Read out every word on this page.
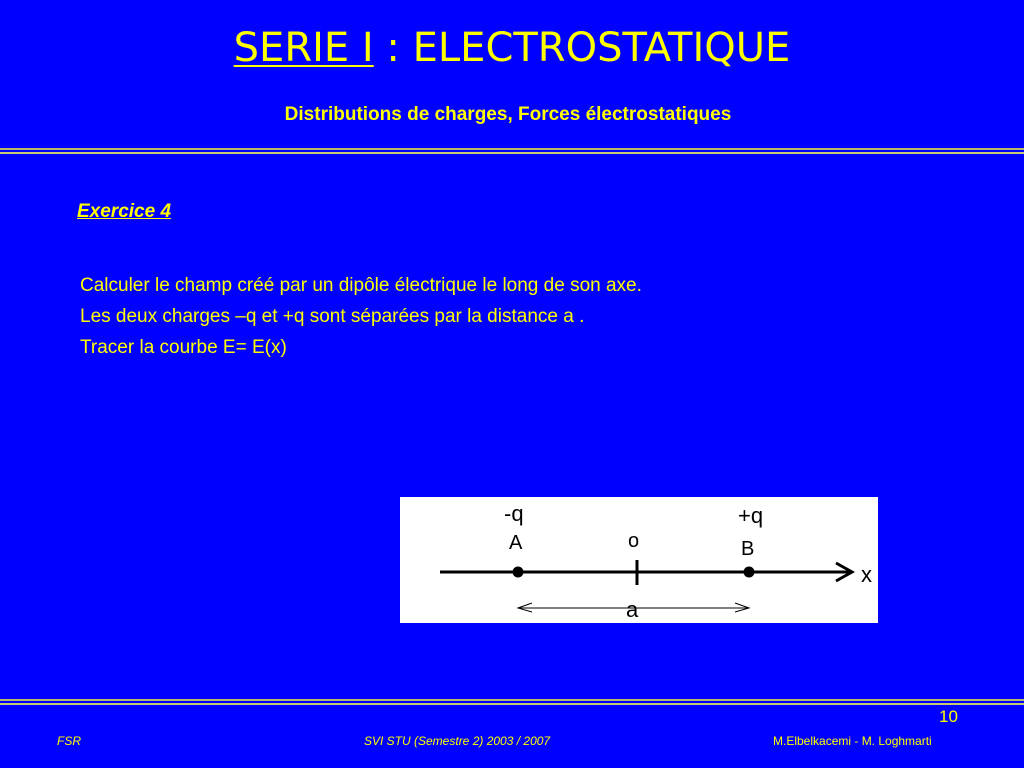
SERIE I : ELECTROSTATIQUE
Distributions de charges, Forces électrostatiques
Exercice 4
Calculer le champ créé par un dipôle électrique le long de son axe.
Les deux charges –q et +q sont séparées par la distance a .
Tracer la courbe E= E(x)
-q
A	o
+q
B
x
a
10
FSR	SVI STU (Semestre 2) 2003 / 2007	M.Elbelkacemi - M. Loghmarti
